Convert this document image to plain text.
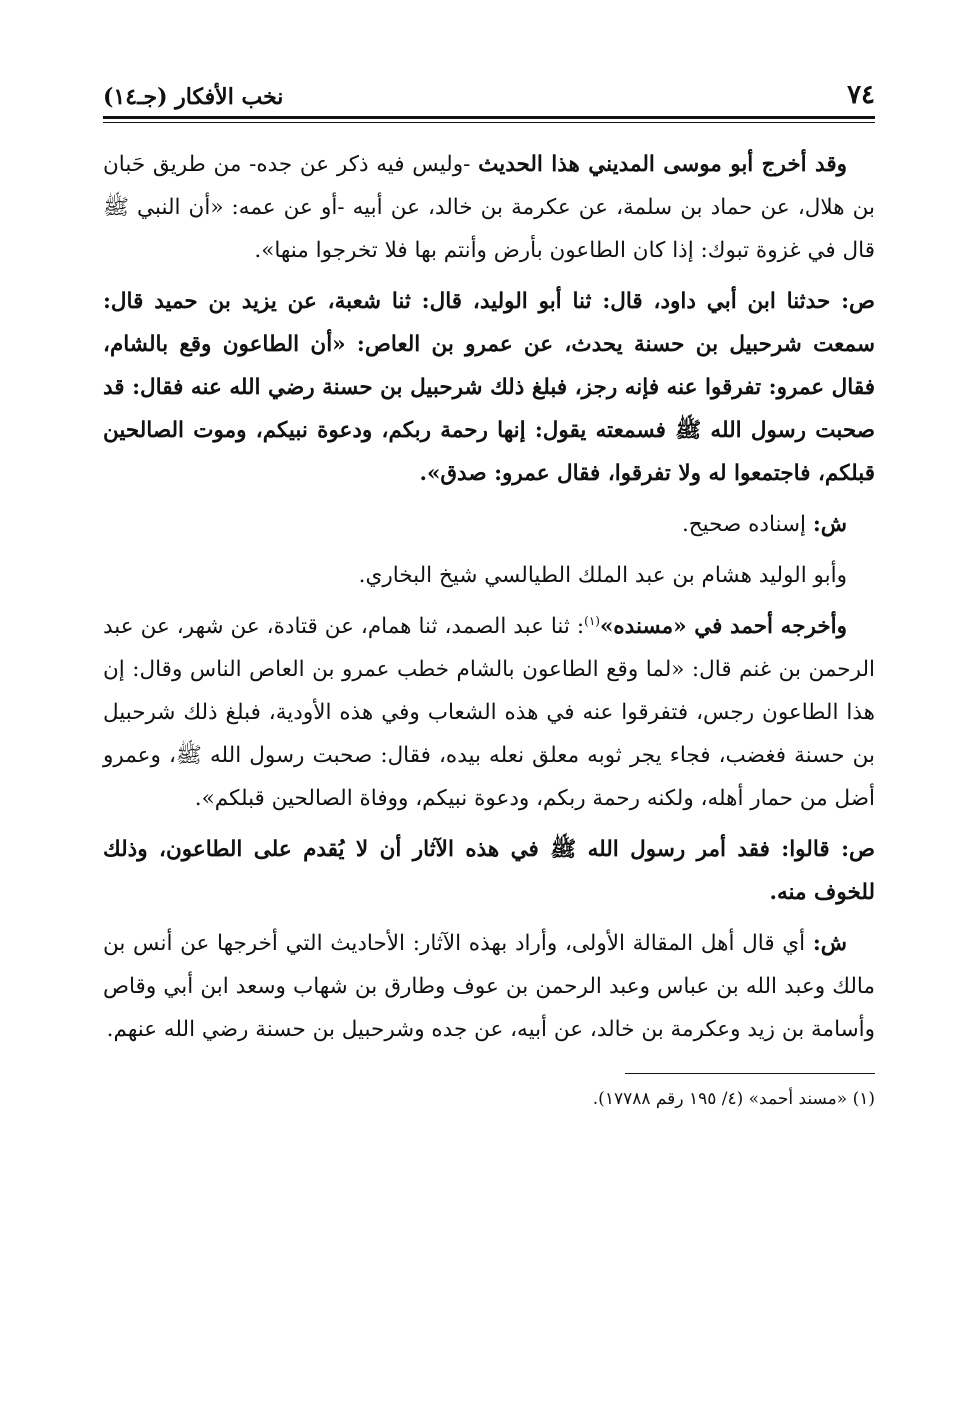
٧٤
نخب الأفكار (جـ١٤)

وقد أخرج أبو موسى المديني هذا الحديث -وليس فيه ذكر عن جده- من طريق حَبان بن هلال، عن حماد بن سلمة، عن عكرمة بن خالد، عن أبيه -أو عن عمه: «أن النبي ﷺ قال في غزوة تبوك: إذا كان الطاعون بأرض وأنتم بها فلا تخرجوا منها».

ص: حدثنا ابن أبي داود، قال: ثنا أبو الوليد، قال: ثنا شعبة، عن يزيد بن حميد قال: سمعت شرحبيل بن حسنة يحدث، عن عمرو بن العاص: «أن الطاعون وقع بالشام، فقال عمرو: تفرقوا عنه فإنه رجز، فبلغ ذلك شرحبيل بن حسنة رضي الله عنه فقال: قد صحبت رسول الله ﷺ فسمعته يقول: إنها رحمة ربكم، ودعوة نبيكم، وموت الصالحين قبلكم، فاجتمعوا له ولا تفرقوا، فقال عمرو: صدق».

ش: إسناده صحيح.

وأبو الوليد هشام بن عبد الملك الطيالسي شيخ البخاري.

وأخرجه أحمد في «مسنده»$^{(١)}$: ثنا عبد الصمد، ثنا همام، عن قتادة، عن شهر، عن عبد الرحمن بن غنم قال: «لما وقع الطاعون بالشام خطب عمرو بن العاص الناس وقال: إن هذا الطاعون رجس، فتفرقوا عنه في هذه الشعاب وفي هذه الأودية، فبلغ ذلك شرحبيل بن حسنة فغضب، فجاء يجر ثوبه معلق نعله بيده، فقال: صحبت رسول الله ﷺ، وعمرو أضل من حمار أهله، ولكنه رحمة ربكم، ودعوة نبيكم، ووفاة الصالحين قبلكم».

ص: قالوا: فقد أمر رسول الله ﷺ في هذه الآثار أن لا يُقدم على الطاعون، وذلك للخوف منه.

ش: أي قال أهل المقالة الأولى، وأراد بهذه الآثار: الأحاديث التي أخرجها عن أنس بن مالك وعبد الله بن عباس وعبد الرحمن بن عوف وطارق بن شهاب وسعد ابن أبي وقاص وأسامة بن زيد وعكرمة بن خالد، عن أبيه، عن جده وشرحبيل بن حسنة رضي الله عنهم.

(١) «مسند أحمد» (٤/ ١٩٥ رقم ١٧٧٨٨).
